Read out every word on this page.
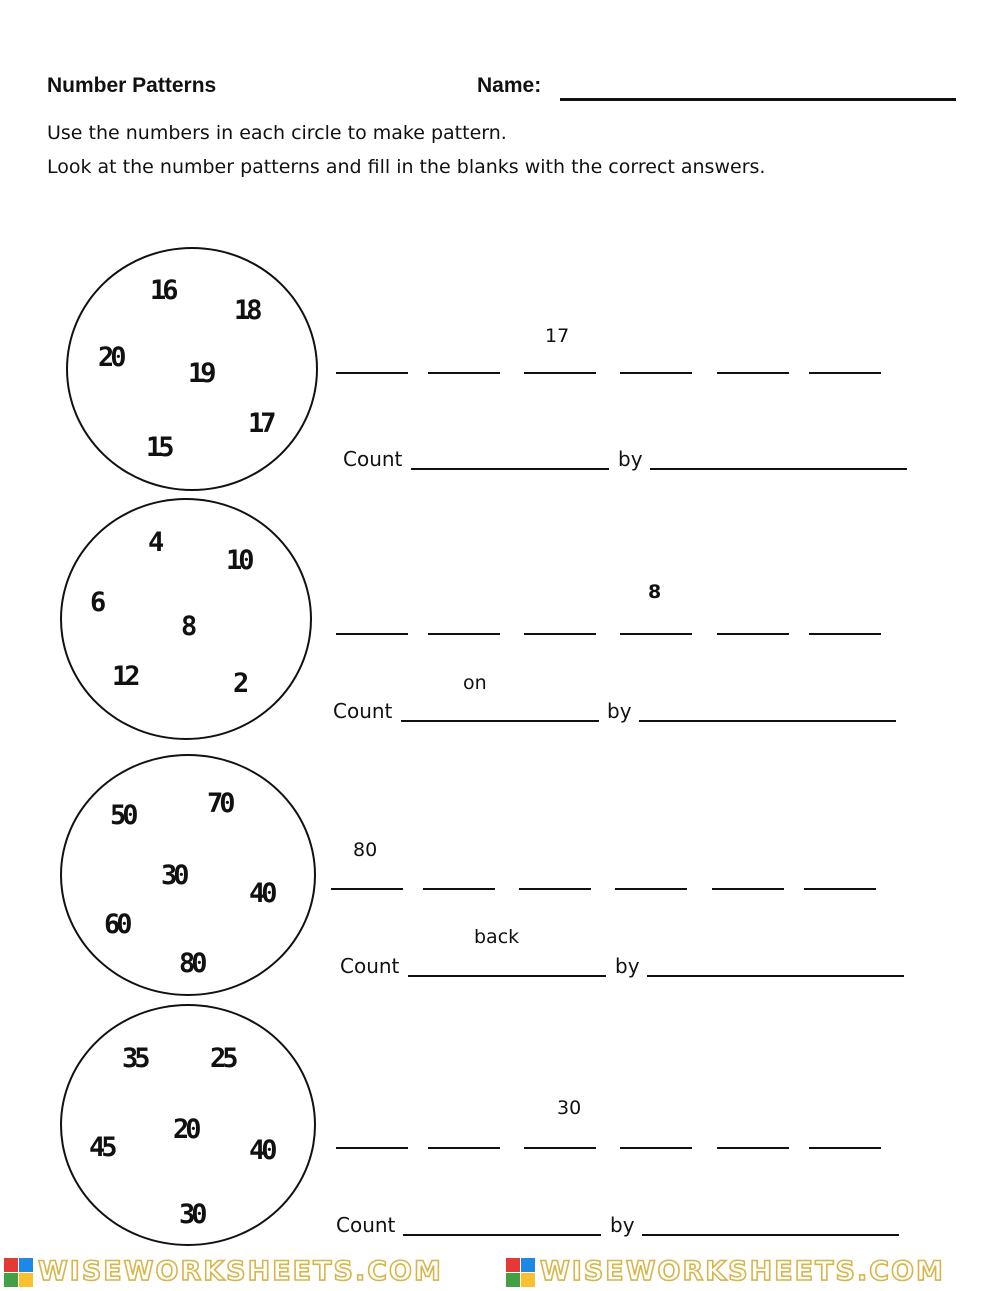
Number Patterns	Name:
Use the numbers in each circle to make pattern.
Look at the number patterns and fill in the blanks with the correct answers.
16
18
20
19
17
15
17
Count	by
4
10
6
8
12	2
8
on
Count	by
50	70
30
40
60
80
80
back
Count	by
35 25
20
45	40
30
30
Count	by
WISEWORKSHEETS.COM	WISEWORKSHEETS.COM
